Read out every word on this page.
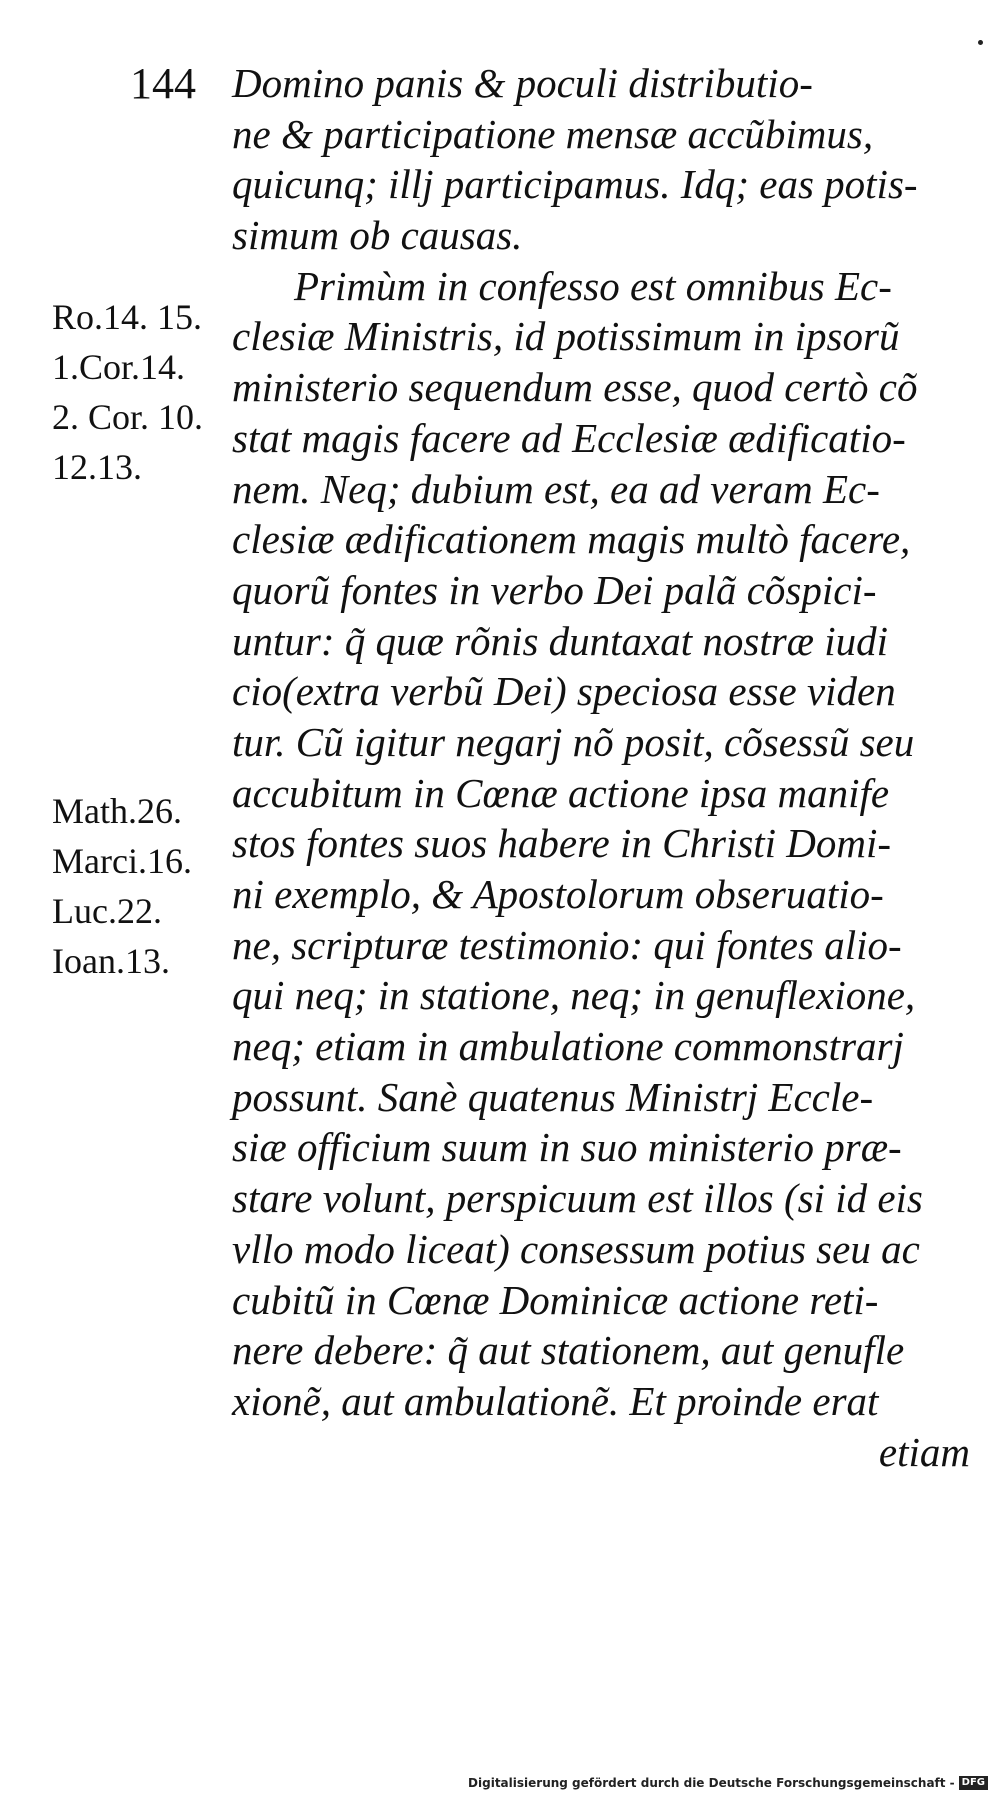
144
Ro.14. 15.
1.Cor.14.
2. Cor. 10.
12.13.
Math.26.
Marci.16.
Luc.22.
Ioan.13.
Domino panis & poculi distributio-
ne & participatione mensæ accũbimus,
quicunq; illj participamus. Idq; eas potis-
simum ob causas.
Primùm in confesso est omnibus Ec-
clesiæ Ministris, id potissimum in ipsorũ
ministerio sequendum esse, quod certò cõ
stat magis facere ad Ecclesiæ ædificatio-
nem. Neq; dubium est, ea ad veram Ec-
clesiæ ædificationem magis multò facere,
quorũ fontes in verbo Dei palã cõspici-
untur: q̃ quæ rõnis duntaxat nostræ iudi
cio(extra verbũ Dei) speciosa esse viden
tur. Cũ igitur negarj nõ posit, cõsessũ seu
accubitum in Cœnæ actione ipsa manife
stos fontes suos habere in Christi Domi-
ni exemplo, & Apostolorum obseruatio-
ne, scripturæ testimonio: qui fontes alio-
qui neq; in statione, neq; in genuflexione,
neq; etiam in ambulatione commonstrarj
possunt. Sanè quatenus Ministrj Eccle-
siæ officium suum in suo ministerio præ-
stare volunt, perspicuum est illos (si id eis
vllo modo liceat) consessum potius seu ac
cubitũ in Cœnæ Dominicæ actione reti-
nere debere: q̃ aut stationem, aut genufle
xionẽ, aut ambulationẽ. Et proinde erat
etiam
Digitalisierung gefördert durch die Deutsche Forschungsgemeinschaft - DFG
